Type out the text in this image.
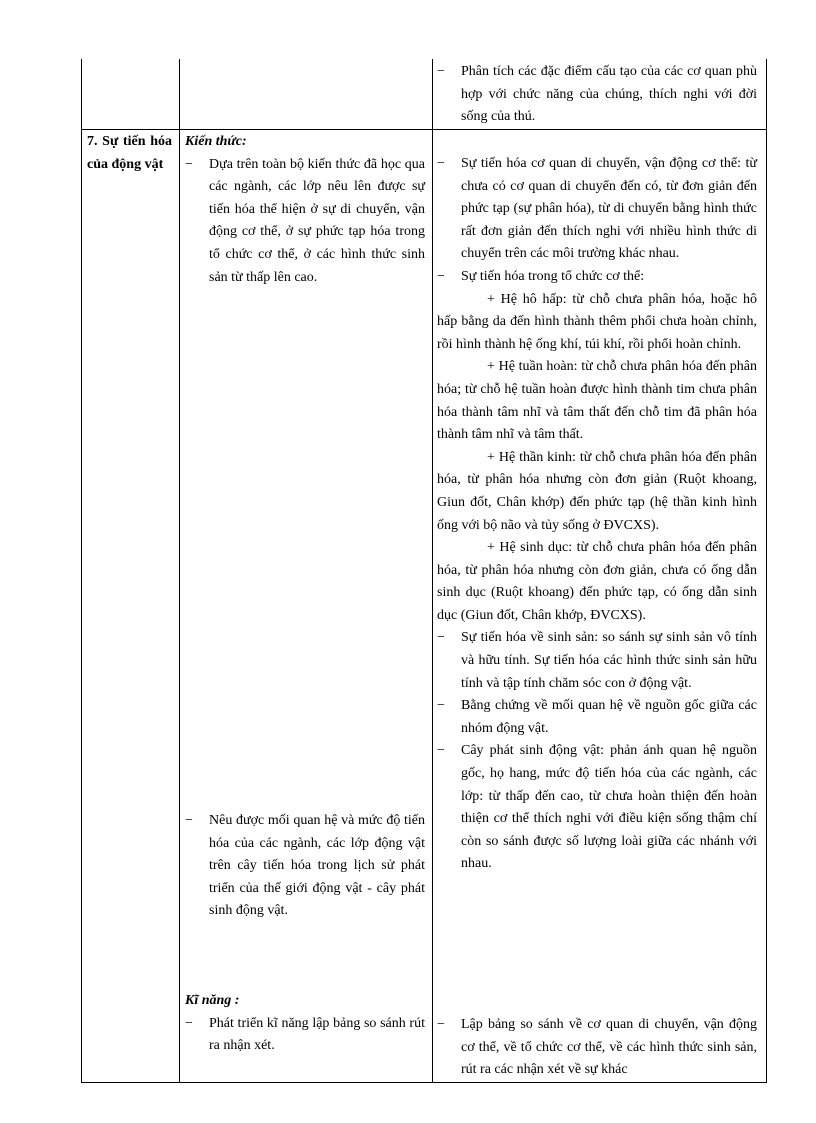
− Phân tích các đặc điểm cấu tạo của các cơ quan phù hợp với chức năng của chúng, thích nghi với đời sống của thú.
7. Sự tiến hóa của động vật
Kiến thức:
− Dựa trên toàn bộ kiến thức đã học qua các ngành, các lớp nêu lên được sự tiến hóa thể hiện ở sự di chuyển, vận động cơ thể, ở sự phức tạp hóa trong tổ chức cơ thể, ở các hình thức sinh sản từ thấp lên cao.
− Nêu được mối quan hệ và mức độ tiến hóa của các ngành, các lớp động vật trên cây tiến hóa trong lịch sử phát triển của thế giới động vật - cây phát sinh động vật.
Kĩ năng :
− Phát triển kĩ năng lập bảng so sánh rút ra nhận xét.
− Sự tiến hóa cơ quan di chuyển, vận động cơ thể: từ chưa có cơ quan di chuyển đến có, từ đơn giản đến phức tạp (sự phân hóa), từ di chuyển bằng hình thức rất đơn giản đến thích nghi với nhiều hình thức di chuyển trên các môi trường khác nhau.
− Sự tiến hóa trong tổ chức cơ thể:
+ Hệ hô hấp: từ chỗ chưa phân hóa, hoặc hô hấp bằng da đến hình thành thêm phổi chưa hoàn chỉnh, rồi hình thành hệ ống khí, túi khí, rồi phổi hoàn chỉnh.
+ Hệ tuần hoàn: từ chỗ chưa phân hóa đến phân hóa; từ chỗ hệ tuần hoàn được hình thành tim chưa phân hóa thành tâm nhĩ và tâm thất đến chỗ tim đã phân hóa thành tâm nhĩ và tâm thất.
+ Hệ thần kinh: từ chỗ chưa phân hóa đến phân hóa, từ phân hóa nhưng còn đơn giản (Ruột khoang, Giun đốt, Chân khớp) đến phức tạp (hệ thần kinh hình ống với bộ não và tủy sống ở ĐVCXS).
+ Hệ sinh dục: từ chỗ chưa phân hóa đến phân hóa, từ phân hóa nhưng còn đơn giản, chưa có ống dẫn sinh dục (Ruột khoang) đến phức tạp, có ống dẫn sinh dục (Giun đốt, Chân khớp, ĐVCXS).
− Sự tiến hóa về sinh sản: so sánh sự sinh sản vô tính và hữu tính. Sự tiến hóa các hình thức sinh sản hữu tính và tập tính chăm sóc con ở động vật.
− Bằng chứng về mối quan hệ về nguồn gốc giữa các nhóm động vật.
− Cây phát sinh động vật: phản ánh quan hệ nguồn gốc, họ hang, mức độ tiến hóa của các ngành, các lớp: từ thấp đến cao, từ chưa hoàn thiện đến hoàn thiện cơ thể thích nghi với điều kiện sống thậm chí còn so sánh được số lượng loài giữa các nhánh với nhau.
− Lập bảng so sánh về cơ quan di chuyển, vận động cơ thể, về tổ chức cơ thể, về các hình thức sinh sản, rút ra các nhận xét về sự khác
